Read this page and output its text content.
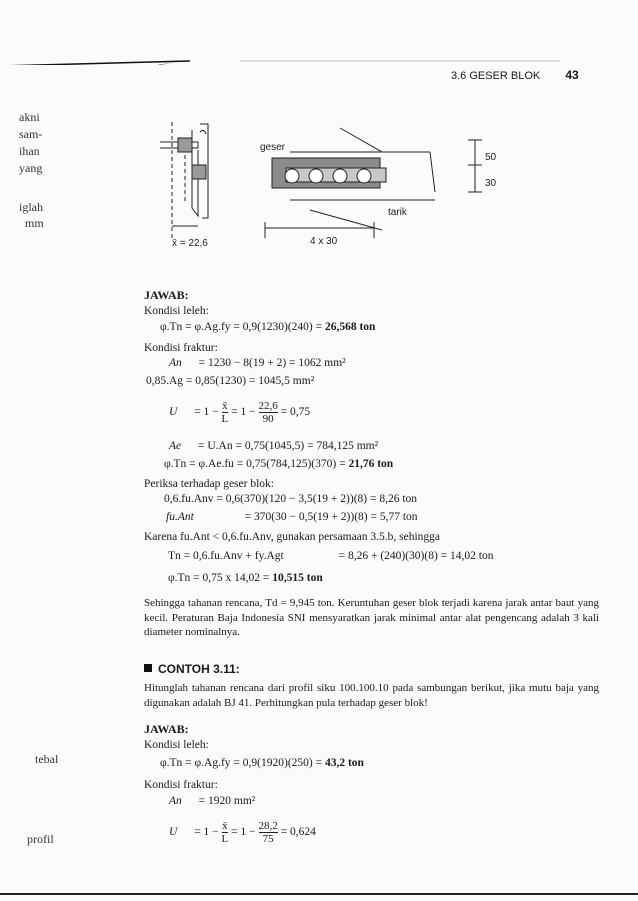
3.6 GESER BLOK 43
akni
sam-
ihan
yang
iglah
mm
tebal
profil
x̄ = 22,6
geser
tarik
4 x 30
50
30
JAWAB:
Kondisi leleh:
φ.Tn = φ.Ag.fy = 0,9(1230)(240) = 26,568 ton
Kondisi fraktur:
An = 1230 − 8(19 + 2) = 1062 mm²
0,85.Ag = 0,85(1230) = 1045,5 mm²
$U = 1 - \frac{x̄}{L} = 1 - \frac{22,6}{90} = 0,75$
Ae = U.An = 0,75(1045,5) = 784,125 mm²
φ.Tn = φ.Ae.fu = 0,75(784,125)(370) = 21,76 ton
Periksa terhadap geser blok:
0,6.fu.Anv = 0,6(370)(120 − 3,5(19 + 2))(8) = 8,26 ton
fu.Ant	= 370(30 − 0,5(19 + 2))(8) = 5,77 ton
Karena fu.Ant < 0,6.fu.Anv, gunakan persamaan 3.5.b, sehingga
Tn = 0,6.fu.Anv + fy.Agt	= 8,26 + (240)(30)(8) = 14,02 ton
φ.Tn = 0,75 x 14,02 = 10,515 ton
Sehingga tahanan rencana, Td = 9,945 ton. Keruntuhan geser blok terjadi karena jarak antar baut yang kecil. Peraturan Baja Indonesia SNI mensyaratkan jarak minimal antar alat pengencang adalah 3 kali diameter nominalnya.
CONTOH 3.11:
Hitunglah tahanan rencana dari profil siku 100.100.10 pada sambungan berikut, jika mutu baja yang digunakan adalah BJ 41. Perhitungkan pula terhadap geser blok!
JAWAB:
Kondisi leleh:
φ.Tn = φ.Ag.fy = 0,9(1920)(250) = 43,2 ton
Kondisi fraktur:
An = 1920 mm²
$U = 1 - \frac{x̄}{L} = 1 - \frac{28,2}{75} = 0,624$
